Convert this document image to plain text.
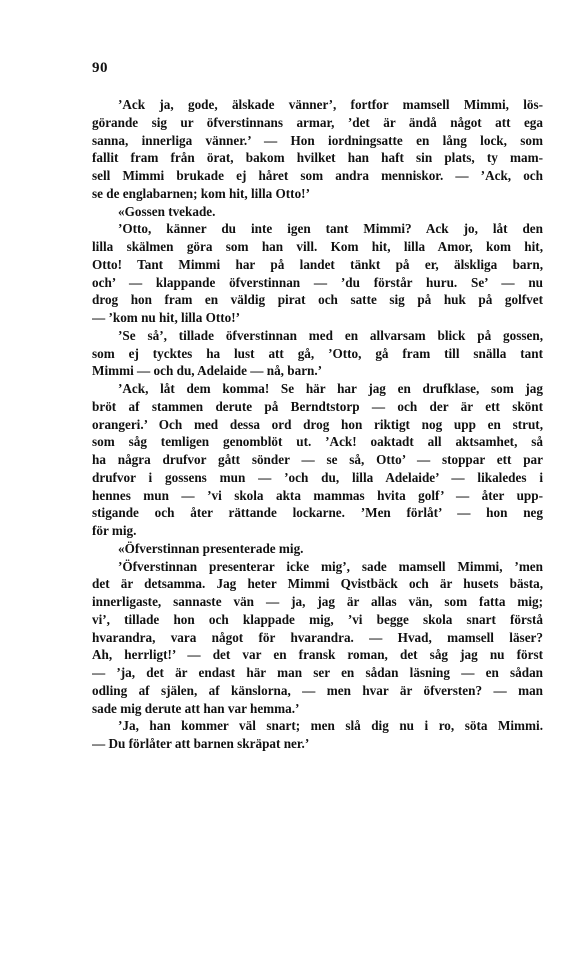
90
’Ack ja, gode, älskade vänner’, fortfor mamsell Mimmi, lös-
görande sig ur öfverstinnans armar, ’det är ändå något att ega
sanna, innerliga vänner.’ — Hon iordningsatte en lång lock, som
fallit fram från örat, bakom hvilket han haft sin plats, ty mam-
sell Mimmi brukade ej håret som andra menniskor. — ’Ack, och
se de englabarnen; kom hit, lilla Otto!’
«Gossen tvekade.
’Otto, känner du inte igen tant Mimmi? Ack jo, låt den
lilla skälmen göra som han vill. Kom hit, lilla Amor, kom hit,
Otto! Tant Mimmi har på landet tänkt på er, älskliga barn,
och’ — klappande öfverstinnan — ’du förstår huru. Se’ — nu
drog hon fram en väldig pirat och satte sig på huk på golfvet
— ’kom nu hit, lilla Otto!’
’Se så’, tillade öfverstinnan med en allvarsam blick på gossen,
som ej tycktes ha lust att gå, ’Otto, gå fram till snälla tant
Mimmi — och du, Adelaide — nå, barn.’
’Ack, låt dem komma! Se här har jag en drufklase, som jag
bröt af stammen derute på Berndtstorp — och der är ett skönt
orangeri.’ Och med dessa ord drog hon riktigt nog upp en strut,
som såg temligen genomblöt ut. ’Ack! oaktadt all aktsamhet, så
ha några drufvor gått sönder — se så, Otto’ — stoppar ett par
drufvor i gossens mun — ’och du, lilla Adelaide’ — likaledes i
hennes mun — ’vi skola akta mammas hvita golf’ — åter upp-
stigande och åter rättande lockarne. ’Men förlåt’ — hon neg
för mig.
«Öfverstinnan presenterade mig.
’Öfverstinnan presenterar icke mig’, sade mamsell Mimmi, ’men
det är detsamma. Jag heter Mimmi Qvistbäck och är husets bästa,
innerligaste, sannaste vän — ja, jag är allas vän, som fatta mig;
vi’, tillade hon och klappade mig, ’vi begge skola snart förstå
hvarandra, vara något för hvarandra. — Hvad, mamsell läser?
Ah, herrligt!’ — det var en fransk roman, det såg jag nu först
— ’ja, det är endast här man ser en sådan läsning — en sådan
odling af själen, af känslorna, — men hvar är öfversten? — man
sade mig derute att han var hemma.’
’Ja, han kommer väl snart; men slå dig nu i ro, söta Mimmi.
— Du förlåter att barnen skräpat ner.’
